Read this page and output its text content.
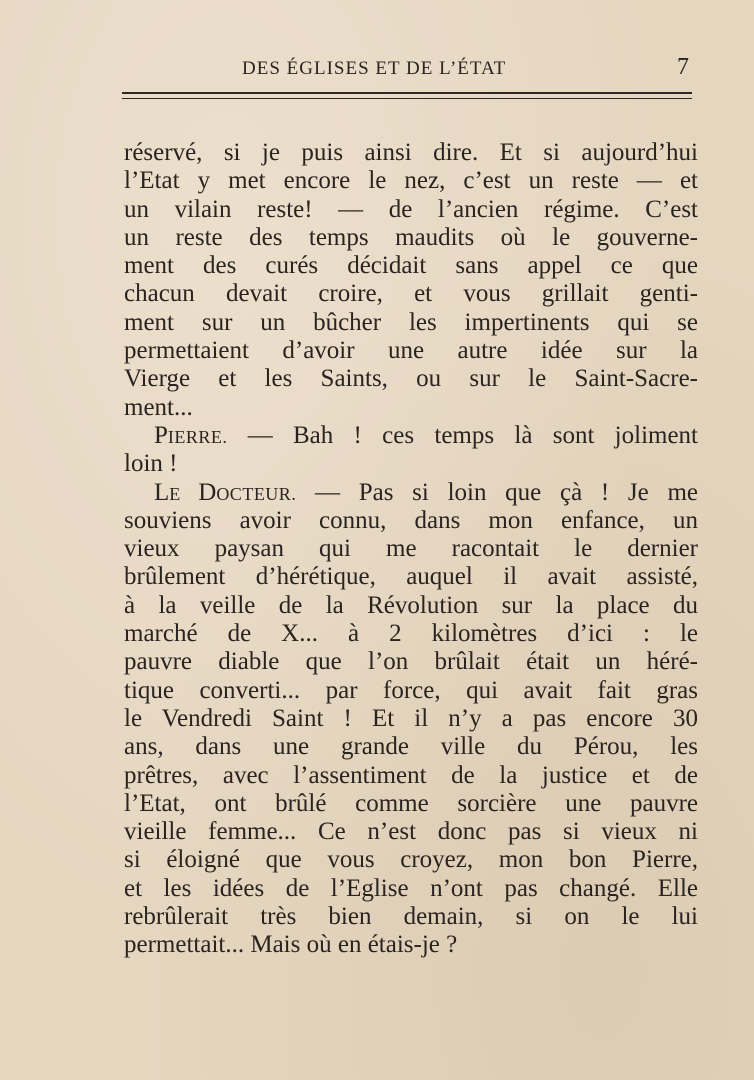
DES ÉGLISES ET DE L’ÉTAT	7
réservé, si je puis ainsi dire. Et si aujourd’hui
l’Etat y met encore le nez, c’est un reste — et
un vilain reste! — de l’ancien régime. C’est
un reste des temps maudits où le gouverne-
ment des curés décidait sans appel ce que
chacun devait croire, et vous grillait genti-
ment sur un bûcher les impertinents qui se
permettaient d’avoir une autre idée sur la
Vierge et les Saints, ou sur le Saint-Sacre-
ment...
PIERRE. — Bah ! ces temps là sont joliment
loin !
LE DOCTEUR. — Pas si loin que çà ! Je me
souviens avoir connu, dans mon enfance, un
vieux paysan qui me racontait le dernier
brûlement d’hérétique, auquel il avait assisté,
à la veille de la Révolution sur la place du
marché de X... à 2 kilomètres d’ici : le
pauvre diable que l’on brûlait était un héré-
tique converti... par force, qui avait fait gras
le Vendredi Saint ! Et il n’y a pas encore 30
ans, dans une grande ville du Pérou, les
prêtres, avec l’assentiment de la justice et de
l’Etat, ont brûlé comme sorcière une pauvre
vieille femme... Ce n’est donc pas si vieux ni
si éloigné que vous croyez, mon bon Pierre,
et les idées de l’Eglise n’ont pas changé. Elle
rebrûlerait très bien demain, si on le lui
permettait... Mais où en étais-je ?
